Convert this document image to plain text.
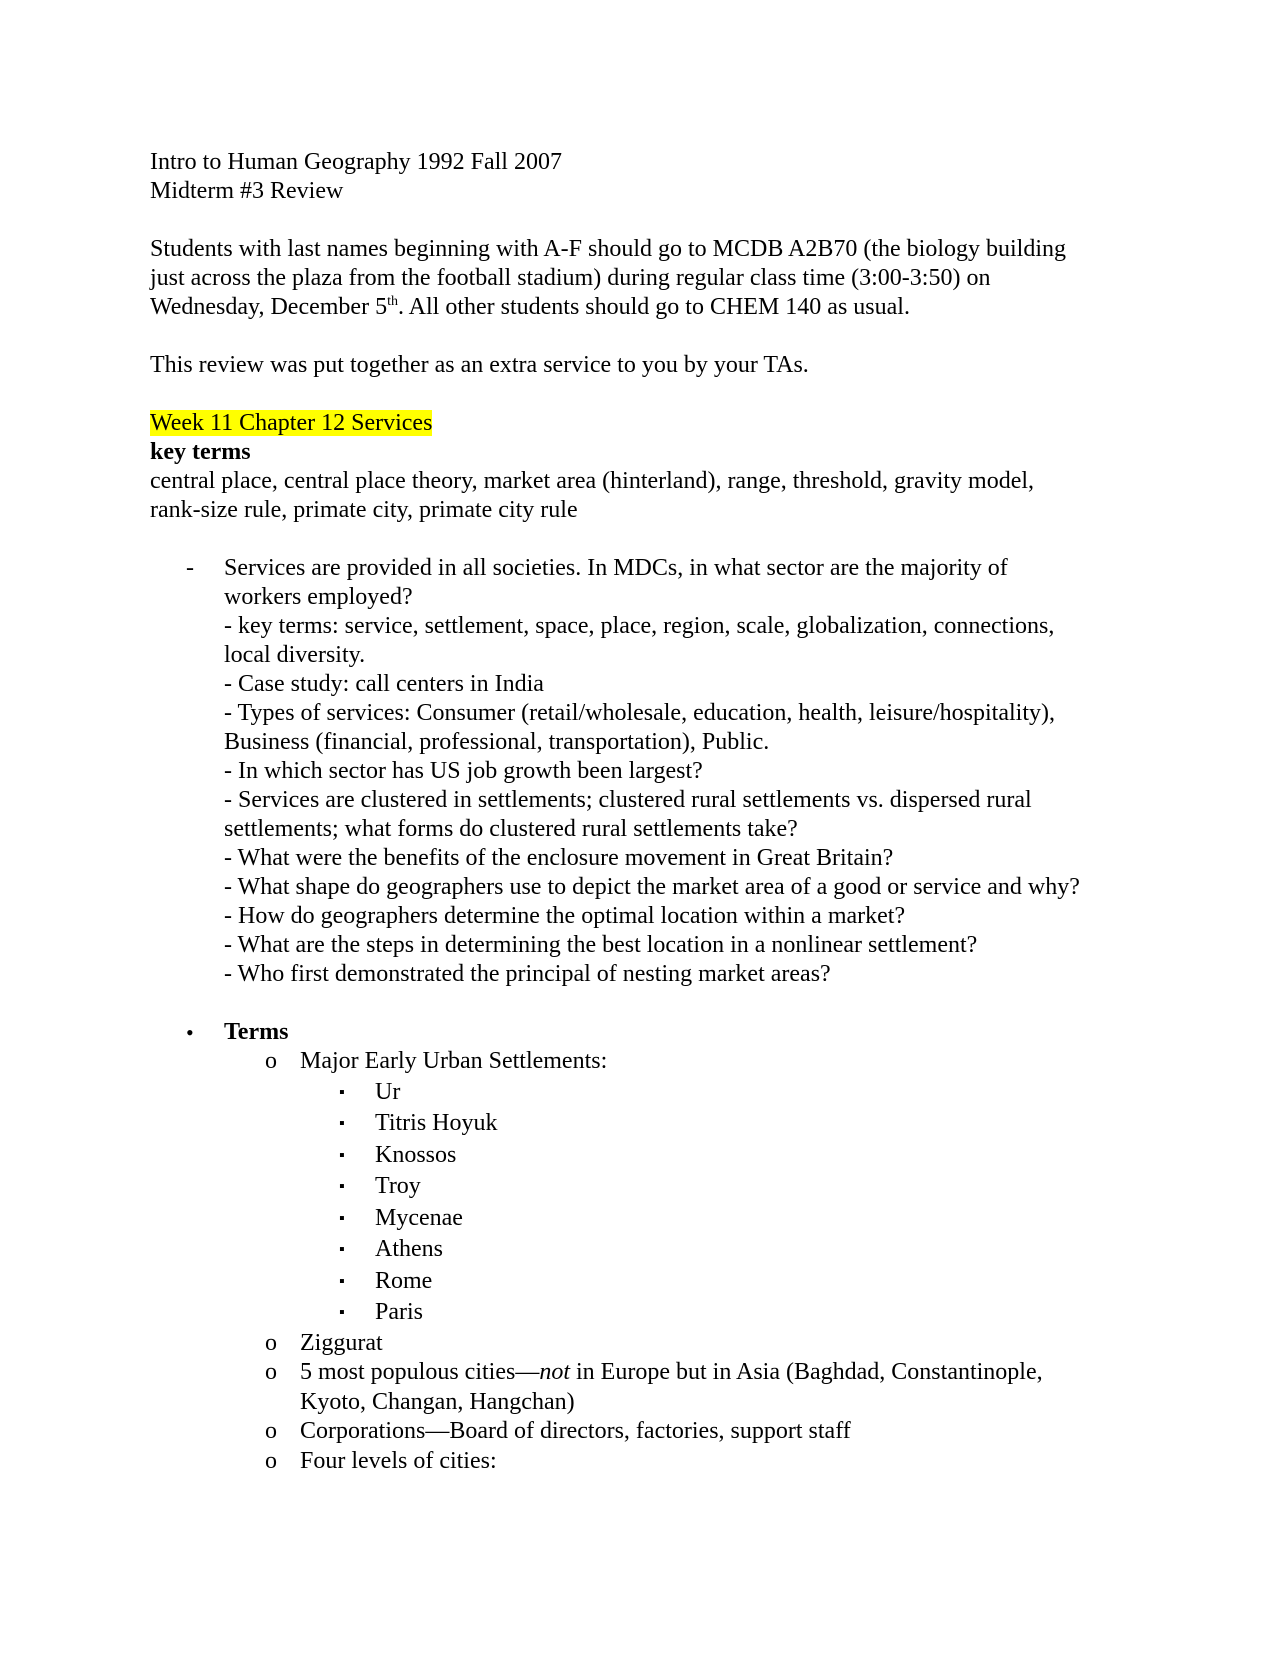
Intro to Human Geography 1992 Fall 2007
Midterm #3 Review
Students with last names beginning with A-F should go to MCDB A2B70 (the biology building
just across the plaza from the football stadium) during regular class time (3:00-3:50) on
Wednesday, December 5th. All other students should go to CHEM 140 as usual.
This review was put together as an extra service to you by your TAs.
Week 11 Chapter 12 Services
key terms
central place, central place theory, market area (hinterland), range, threshold, gravity model,
rank-size rule, primate city, primate city rule
- Services are provided in all societies. In MDCs, in what sector are the majority of
workers employed?
- key terms: service, settlement, space, place, region, scale, globalization, connections,
local diversity.
- Case study: call centers in India
- Types of services: Consumer (retail/wholesale, education, health, leisure/hospitality),
Business (financial, professional, transportation), Public.
- In which sector has US job growth been largest?
- Services are clustered in settlements; clustered rural settlements vs. dispersed rural
settlements; what forms do clustered rural settlements take?
- What were the benefits of the enclosure movement in Great Britain?
- What shape do geographers use to depict the market area of a good or service and why?
- How do geographers determine the optimal location within a market?
- What are the steps in determining the best location in a nonlinear settlement?
- Who first demonstrated the principal of nesting market areas?
• Terms
o Major Early Urban Settlements:
▪ Ur
▪ Titris Hoyuk
▪ Knossos
▪ Troy
▪ Mycenae
▪ Athens
▪ Rome
▪ Paris
o Ziggurat
o 5 most populous cities—not in Europe but in Asia (Baghdad, Constantinople,
Kyoto, Changan, Hangchan)
o Corporations—Board of directors, factories, support staff
o Four levels of cities:
